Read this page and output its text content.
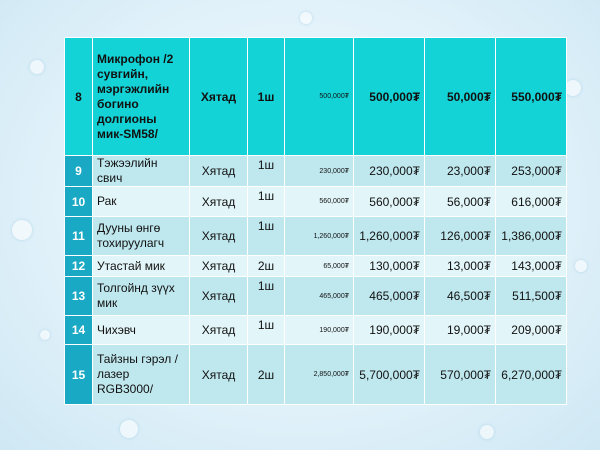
8	Микрофон /2 сувгийн, мэргэжлийн богино долгионы мик-SM58/	Хятад	1ш	500,000₮	500,000₮	50,000₮	550,000₮
9	Тэжээлийн свич	Хятад	1ш	230,000₮	230,000₮	23,000₮	253,000₮
10	Рак	Хятад	1ш	560,000₮	560,000₮	56,000₮	616,000₮
11	Дууны өнгө тохируулагч	Хятад	1ш	1,260,000₮	1,260,000₮	126,000₮	1,386,000₮
12	Утастай мик	Хятад	2ш	65,000₮	130,000₮	13,000₮	143,000₮
13	Толгойнд зүүх мик	Хятад	1ш	465,000₮	465,000₮	46,500₮	511,500₮
14	Чихэвч	Хятад	1ш	190,000₮	190,000₮	19,000₮	209,000₮
15	Тайзны гэрэл /лазер RGB3000/	Хятад	2ш	2,850,000₮	5,700,000₮	570,000₮	6,270,000₮
